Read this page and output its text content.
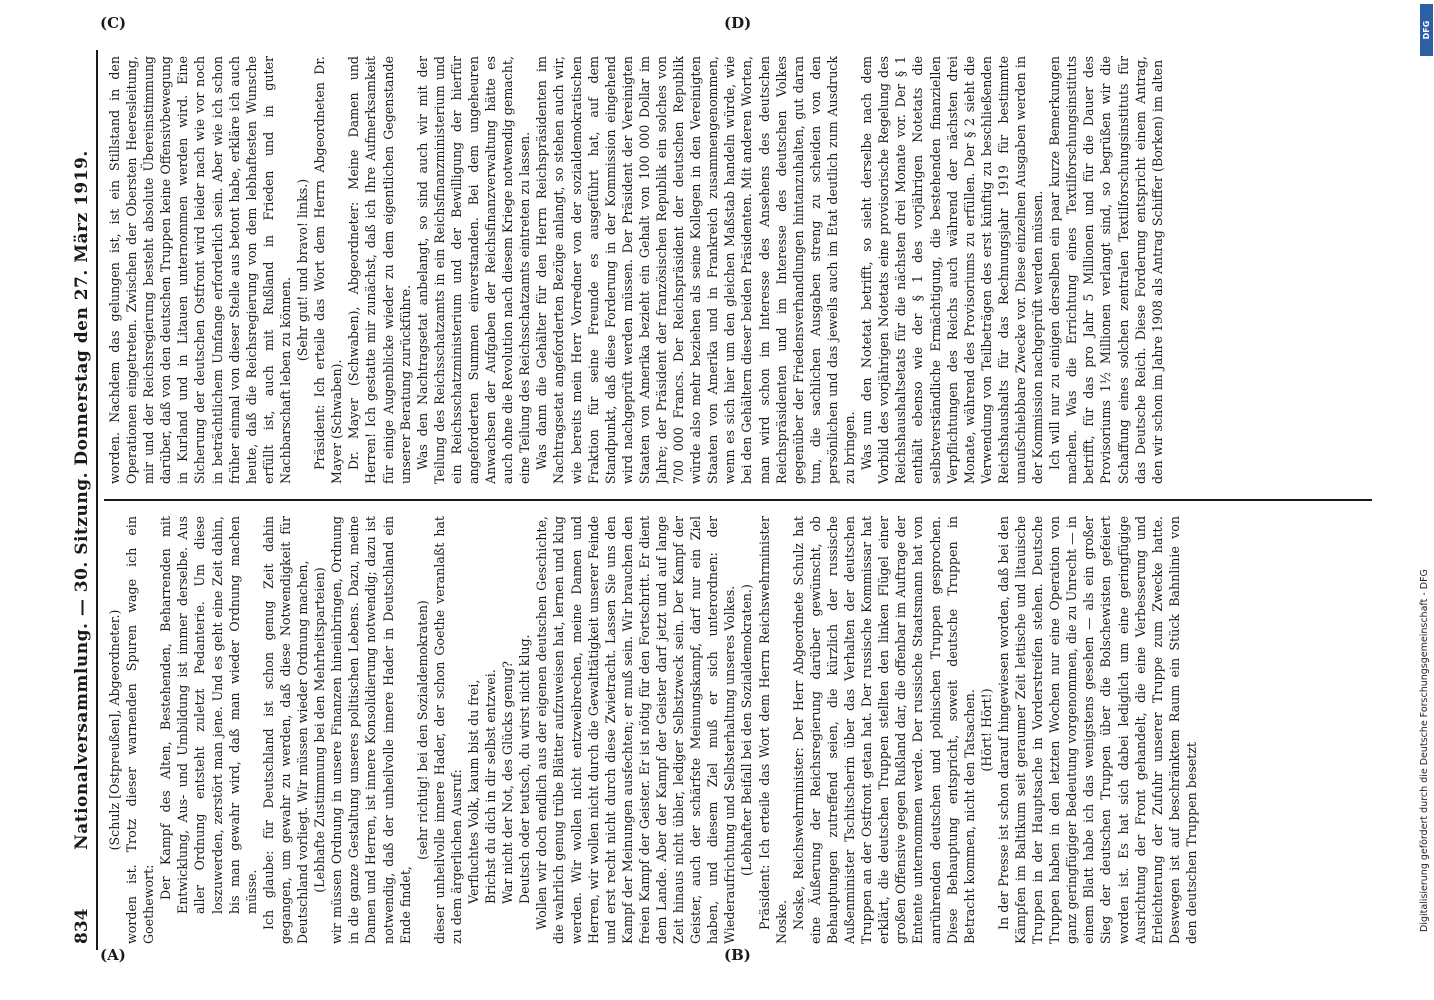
834
Nationalversammlung. — 30. Sitzung. Donnerstag den 27. März 1919. (Schulz [Ostpreußen], Abgeordneter.) worden ist. Trotz dieser warnenden Spuren wage ich ein Goethewort:

Der Kampf des Alten, Bestehenden, Beharrenden mit Entwicklung, Aus- und Umbildung ist immer derselbe. Aus aller Ordnung entsteht zuletzt Pedanterie. Um diese loszuwerden, zerstört man jene. Und es geht eine Zeit dahin, bis man gewahr wird, daß man wieder Ordnung machen müsse. Ich glaube: für Deutschland ist schon genug Zeit dahin gegangen, um gewahr zu werden, daß diese Notwendigkeit für Deutschland vorliegt. Wir müssen wieder Ordnung machen, (Lebhafte Zustimmung bei den Mehrheitsparteien) wir müssen Ordnung in unsere Finanzen hineinbringen, Ordnung in die ganze Gestaltung unseres politischen Lebens. Dazu, meine Damen und Herren, ist innere Konsolidierung notwendig; dazu ist notwendig, daß der unheilvolle innere Hader in Deutschland ein Ende findet,

(sehr richtig! bei den Sozialdemokraten) dieser unheilvolle innere Hader, der schon Goethe veranlaßt hat zu dem ärgerlichen Ausruf: Verfluchtes Volk, kaum bist du frei, Brichst du dich in dir selbst entzwei. War nicht der Not, des Glücks genug? Deutsch oder teutsch, du wirst nicht klug. Wollen wir doch endlich aus der eigenen deutschen Geschichte, die wahrlich genug trübe Blätter aufzuweisen hat, lernen und klug werden. Wir wollen nicht entzweibrechen, meine Damen und Herren, wir wollen nicht durch die Gewalttätigkeit unserer Feinde und erst recht nicht durch diese Zwietracht. Lassen Sie uns den Kampf der Meinungen ausfechten; er muß sein. Wir brauchen den freien Kampf der Geister. Er ist nötig für den Fortschritt. Er dient dem Lande. Aber der Kampf der Geister darf jetzt und auf lange Zeit hinaus nicht übler, lediger Selbstzweck sein. Der Kampf der Geister, auch der schärfste Meinungskampf, darf nur ein Ziel haben, und diesem Ziel muß er sich unterordnen: der Wiederaufrichtung und Selbsterhaltung unseres Volkes. (Lebhafter Beifall bei den Sozialdemokraten.) Präsident: Ich erteile das Wort dem Herrn Reichswehrminister Noske. Noske, Reichswehrminister: Der Herr Abgeordnete Schulz hat eine Äußerung der Reichsregierung darüber gewünscht, ob Behauptungen zutreffend seien, die kürzlich der russische Außenminister Tschitscherin über das Verhalten der deutschen Truppen an der Ostfront getan hat. Der russische Kommissar hat erklärt, die deutschen Truppen stellten den linken Flügel einer großen Offensive gegen Rußland dar, die offenbar im Auftrage der Entente unternommen werde. Der russische Staatsmann hat von anrührenden deutschen und polnischen Truppen gesprochen. Diese Behauptung entspricht, soweit deutsche Truppen in Betracht kommen, nicht den Tatsachen. (Hört! Hört!) In der Presse ist schon darauf hingewiesen worden, daß bei den Kämpfen im Baltikum seit geraumer Zeit lettische und litauische Truppen in der Hauptsache in Vorderstreifen stehen. Deutsche Truppen haben in den letzten Wochen nur eine Operation von ganz geringfügiger Bedeutung vorgenommen, die zu Unrecht — in einem Blatt habe ich das wenigstens gesehen — als ein großer Sieg der deutschen Truppen über die Bolschewisten gefeiert worden ist. Es hat sich dabei lediglich um eine geringfügige Ausrichtung der Front gehandelt, die eine Verbesserung und Erleichterung der Zufuhr unserer Truppe zum Zwecke hatte. Deswegen ist auf beschränktem Raum ein Stück Bahnlinie von den deutschen Truppen besetzt

worden. Nachdem das gelungen ist, ist ein Stillstand in den Operationen eingetreten. Zwischen der Obersten Heeresleitung, mir und der Reichsregierung besteht absolute Übereinstimmung darüber, daß von den deutschen Truppen keine Offensivbewegung in Kurland und in Litauen unternommen werden wird. Eine Sicherung der deutschen Ostfront wird leider nach wie vor noch in beträchtlichem Umfange erforderlich sein. Aber wie ich schon früher einmal von dieser Stelle aus betont habe, erkläre ich auch heute, daß die Reichsregierung von dem lebhaftesten Wunsche erfüllt ist, auch mit Rußland in Frieden und in guter Nachbarschaft leben zu können.

(Sehr gut! und bravo! links.) Präsident: Ich erteile das Wort dem Herrn Abgeordneten Dr. Mayer (Schwaben). Dr. Mayer (Schwaben), Abgeordneter: Meine Damen und Herren! Ich gestatte mir zunächst, daß ich Ihre Aufmerksamkeit für einige Augenblicke wieder zu dem eigentlichen Gegenstande unserer Beratung zurückführe. Was den Nachtragsetat anbelangt, so sind auch wir mit der Teilung des Reichsschatzamts in ein Reichsfinanzministerium und ein Reichsschatzministerium und der Bewilligung der hierfür angeforderten Summen einverstanden. Bei dem ungeheuren Anwachsen der Aufgaben der Reichsfinanzverwaltung hätte es auch ohne die Revolution nach diesem Kriege notwendig gemacht, eine Teilung des Reichsschatzamts eintreten zu lassen. Was dann die Gehälter für den Herrn Reichspräsidenten im Nachtragsetat angeforderten Bezüge anlangt, so stehen auch wir, wie bereits mein Herr Vorredner von der sozialdemokratischen Fraktion für seine Freunde es ausgeführt hat, auf dem Standpunkt, daß diese Forderung in der Kommission eingehend wird nachgeprüft werden müssen. Der Präsident der Vereinigten Staaten von Amerika bezieht ein Gehalt von 100 000 Dollar im Jahre; der Präsident der französischen Republik ein solches von 700 000 Francs. Der Reichspräsident der deutschen Republik würde also mehr beziehen als seine Kollegen in den Vereinigten Staaten von Amerika und in Frankreich zusammengenommen, wenn es sich hier um den gleichen Maßstab handeln würde, wie bei den Gehältern dieser beiden Präsidenten. Mit anderen Worten, man wird schon im Interesse des Ansehens des deutschen Reichspräsidenten und im Interesse des deutschen Volkes gegenüber der Friedensverhandlungen hintanzuhalten, gut daran tun, die sachlichen Ausgaben streng zu scheiden von den persönlichen und das jeweils auch im Etat deutlich zum Ausdruck zu bringen. Was nun den Notetat betrifft, so sieht derselbe nach dem Vorbild des vorjährigen Notetats eine provisorische Regelung des Reichshaushaltsetats für die nächsten drei Monate vor. Der § 1 enthält ebenso wie der § 1 des vorjährigen Notetats die selbstverständliche Ermächtigung, die bestehenden finanziellen Verpflichtungen des Reichs auch während der nächsten drei Monate, während des Provisoriums zu erfüllen. Der § 2 sieht die Verwendung von Teilbeträgen des erst künftig zu beschließenden Reichshaushalts für das Rechnungsjahr 1919 für bestimmte unaufschiebbare Zwecke vor. Diese einzelnen Ausgaben werden in der Kommission nachgeprüft werden müssen. Ich will nur zu einigen derselben ein paar kurze Bemerkungen machen. Was die Errichtung eines Textilforschungsinstituts betrifft, für das pro Jahr 5 Millionen und für die Dauer des Provisoriums 1½ Millionen verlangt sind, so begrüßen wir die Schaffung eines solchen zentralen Textilforschungsinstituts für das Deutsche Reich. Diese Forderung entspricht einem Antrag, den wir schon im Jahre 1908 als Antrag Schiffer (Borken) im alten

(A)	(B)
(C)	(D)	DFG
Digitalisierung gefördert durch die Deutsche Forschungsgemeinschaft - DFG
